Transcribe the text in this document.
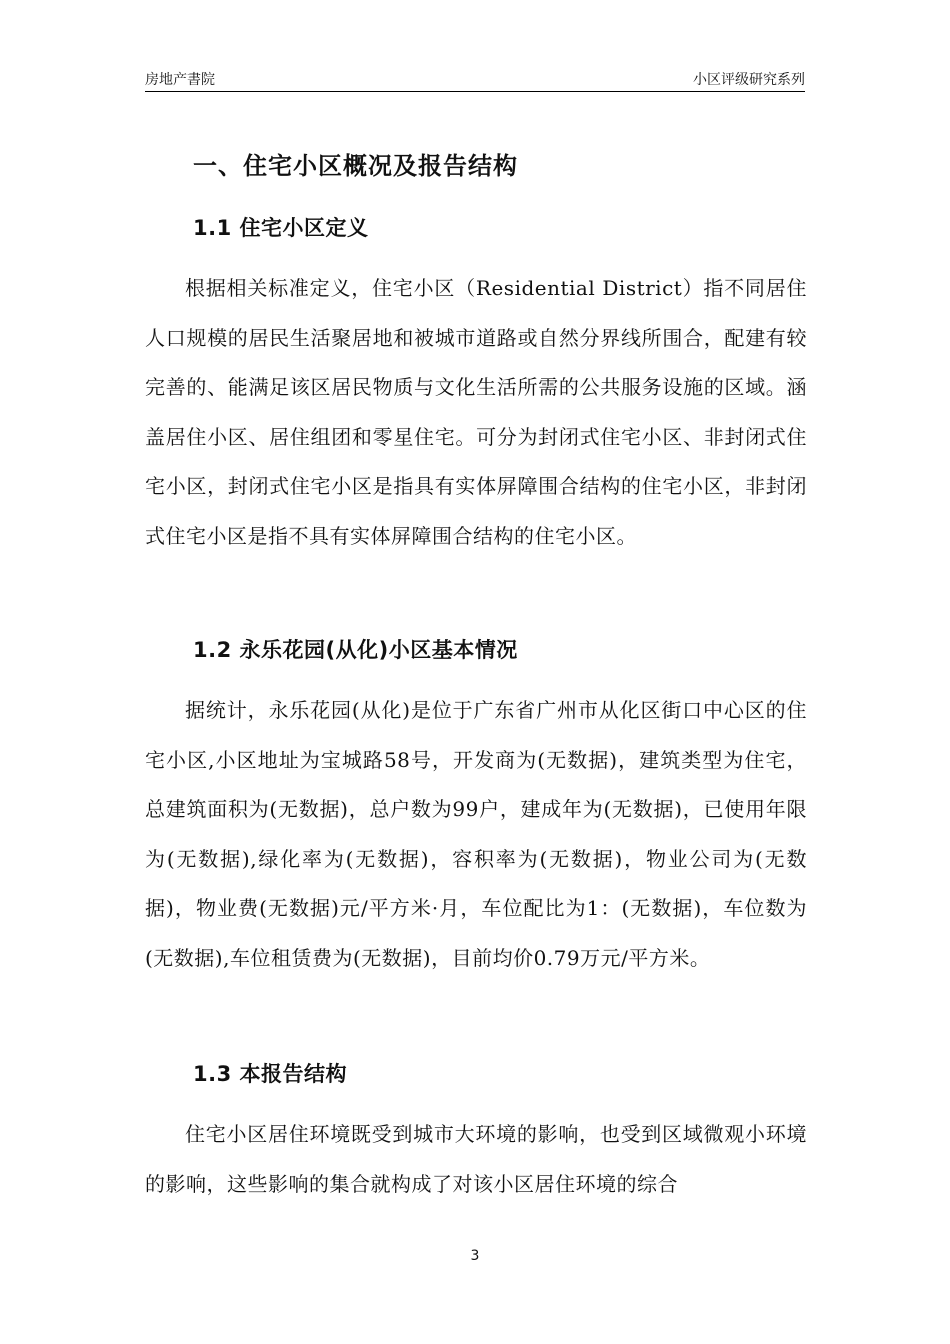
房地产書院	小区评级研究系列
一、住宅小区概况及报告结构
1.1 住宅小区定义

根据相关标准定义，住宅小区（Residential District）指不同居住人口规模的居民生活聚居地和被城市道路或自然分界线所围合，配建有较完善的、能满足该区居民物质与文化生活所需的公共服务设施的区域。涵盖居住小区、居住组团和零星住宅。可分为封闭式住宅小区、非封闭式住宅小区，封闭式住宅小区是指具有实体屏障围合结构的住宅小区，非封闭式住宅小区是指不具有实体屏障围合结构的住宅小区。

1.2 永乐花园(从化)小区基本情况

据统计，永乐花园(从化)是位于广东省广州市从化区街口中心区的住宅小区,小区地址为宝城路58号，开发商为(无数据)，建筑类型为住宅，总建筑面积为(无数据)，总户数为99户，建成年为(无数据)，已使用年限为(无数据),绿化率为(无数据)，容积率为(无数据)，物业公司为(无数据)，物业费(无数据)元/平方米·月，车位配比为1：(无数据)，车位数为(无数据),车位租赁费为(无数据)，目前均价0.79万元/平方米。

1.3 本报告结构

住宅小区居住环境既受到城市大环境的影响，也受到区域微观小环境的影响，这些影响的集合就构成了对该小区居住环境的综合

3
